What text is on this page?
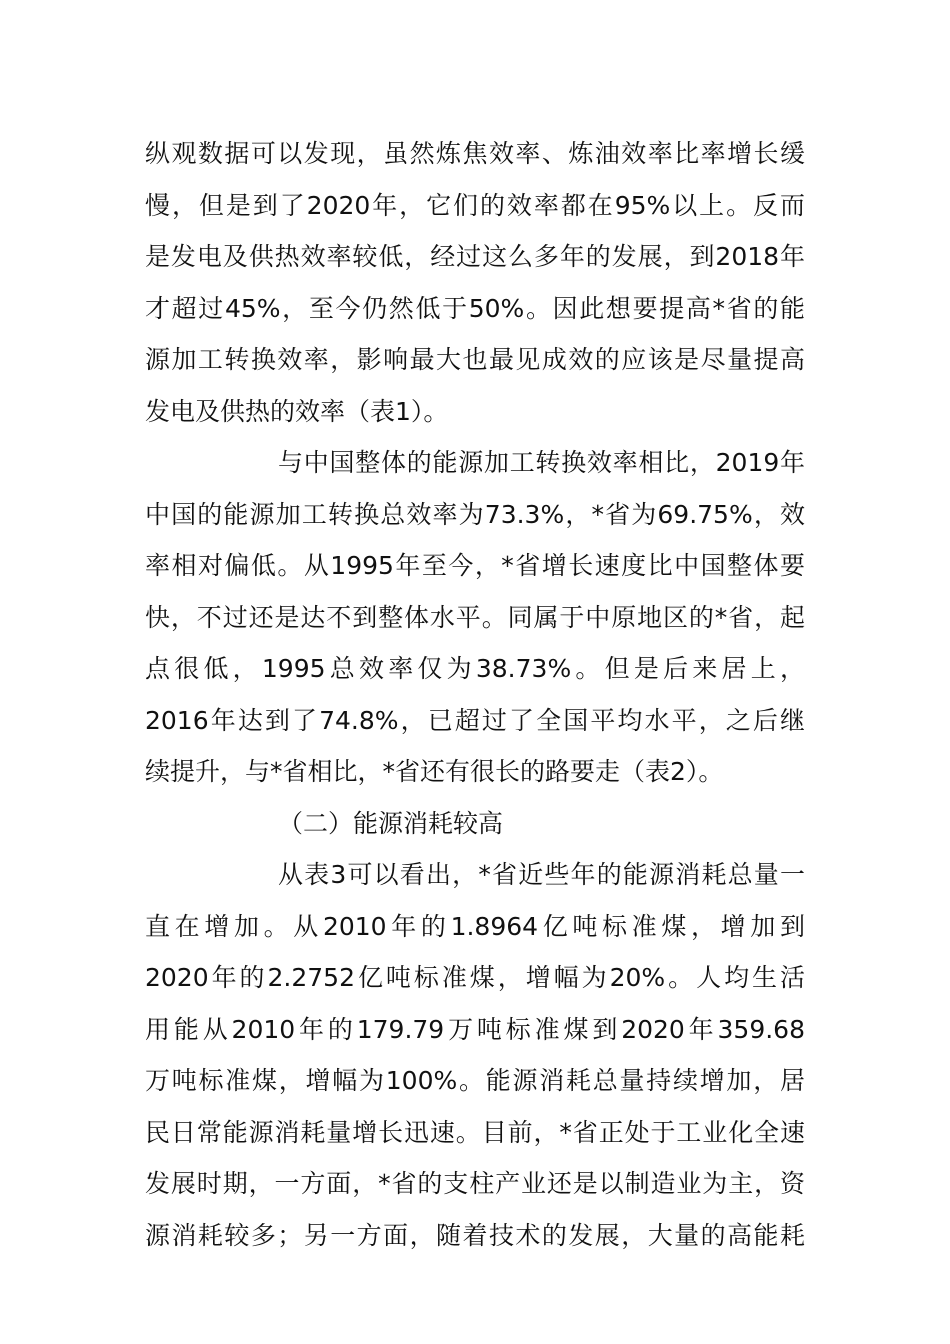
纵观数据可以发现，虽然炼焦效率、炼油效率比率增长缓
慢，但是到了2020年，它们的效率都在95%以上。反而
是发电及供热效率较低，经过这么多年的发展，到2018年
才超过45%，至今仍然低于50%。因此想要提高*省的能
源加工转换效率，影响最大也最见成效的应该是尽量提高
发电及供热的效率（表1）。
与中国整体的能源加工转换效率相比，2019年
中国的能源加工转换总效率为73.3%，*省为69.75%，效
率相对偏低。从1995年至今，*省增长速度比中国整体要
快，不过还是达不到整体水平。同属于中原地区的*省，起
点很低，1995总效率仅为38.73%。但是后来居上，
2016年达到了74.8%，已超过了全国平均水平，之后继
续提升，与*省相比，*省还有很长的路要走（表2）。
（二）能源消耗较高
从表3可以看出，*省近些年的能源消耗总量一
直在增加。从2010年的1.8964亿吨标准煤，增加到
2020年的2.2752亿吨标准煤，增幅为20%。人均生活
用能从2010年的179.79万吨标准煤到2020年359.68
万吨标准煤，增幅为100%。能源消耗总量持续增加，居
民日常能源消耗量增长迅速。目前，*省正处于工业化全速
发展时期，一方面，*省的支柱产业还是以制造业为主，资
源消耗较多；另一方面，随着技术的发展，大量的高能耗
